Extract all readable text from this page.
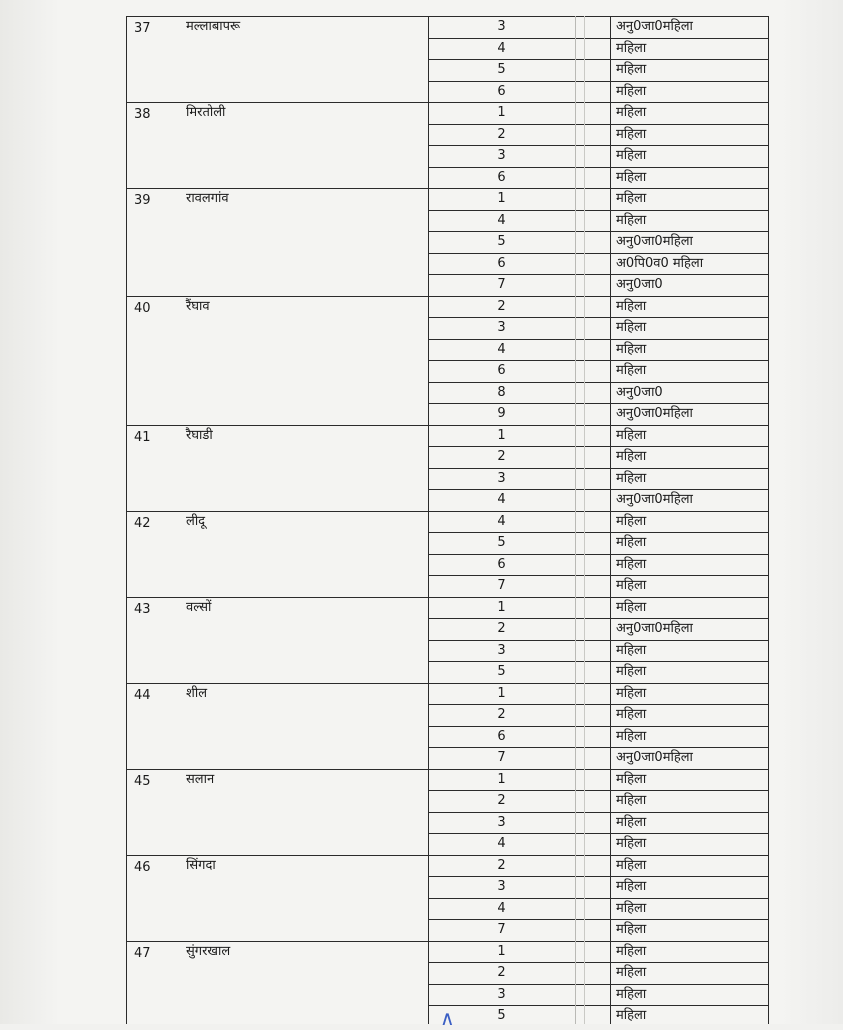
37	मल्लाबापरू	3	अनु0जा0महिला
4	महिला
5	महिला
6	महिला
38	मिरतोली	1	महिला
2	महिला
3	महिला
6	महिला
39	रावलगांव	1	महिला
4	महिला
5	अनु0जा0महिला
6	अ0पि0व0 महिला
7	अनु0जा0
40	रैंघाव	2	महिला
3	महिला
4	महिला
6	महिला
8	अनु0जा0
9	अनु0जा0महिला
41	रैघाडी	1	महिला
2	महिला
3	महिला
4	अनु0जा0महिला
42	लीदू	4	महिला
5	महिला
6	महिला
7	महिला
43	वल्सों	1	महिला
2	अनु0जा0महिला
3	महिला
5	महिला
44	शील	1	महिला
2	महिला
6	महिला
7	अनु0जा0महिला
45	सलान	1	महिला
2	महिला
3	महिला
4	महिला
46	सिंगदा	2	महिला
3	महिला
4	महिला
7	महिला
47	सुंगरखाल	1	महिला
2	महिला
3	महिला
5	महिला
∧
